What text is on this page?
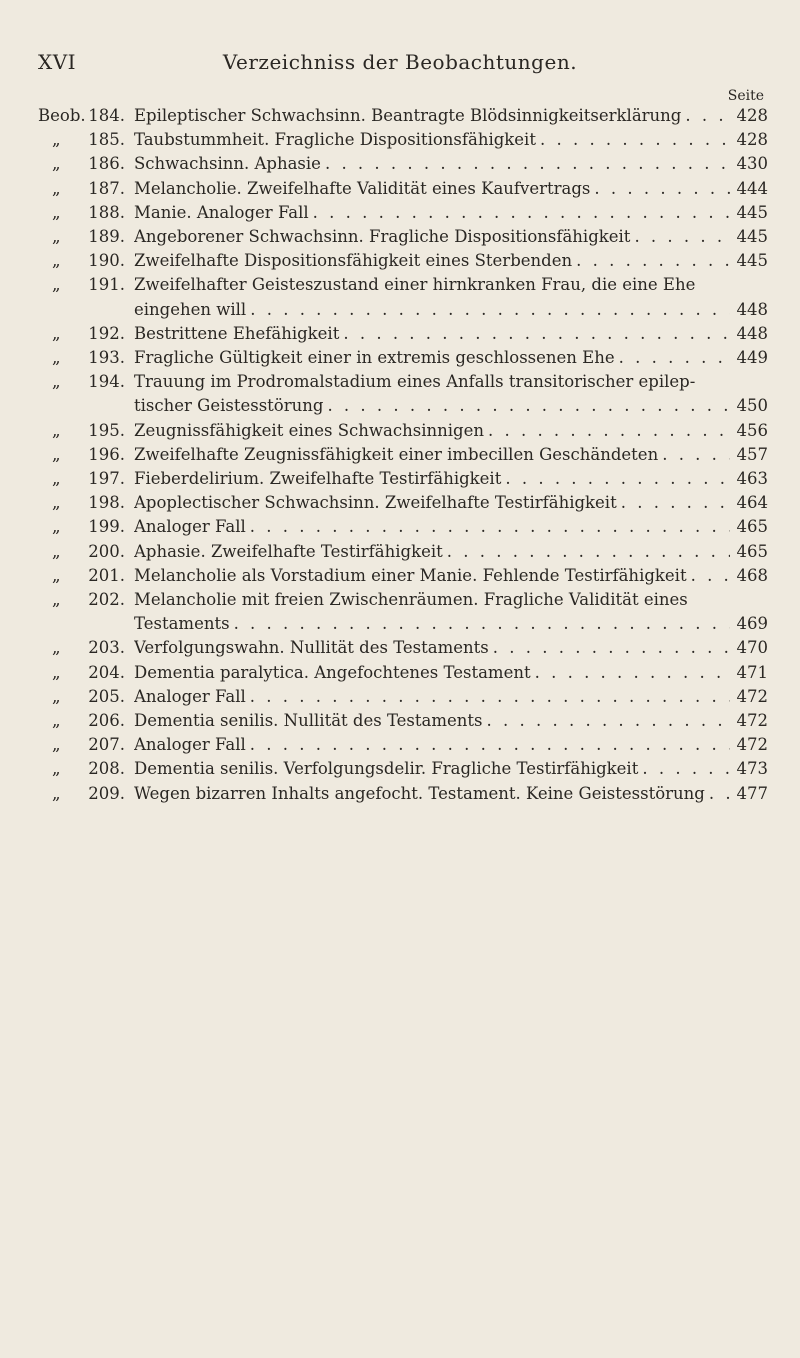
XVI	Verzeichniss der Beobachtungen.
Seite
Beob. 184. Epileptischer Schwachsinn. Beantragte Blödsinnigkeitserklärung . . .	428
„	185. Taubstummheit. Fragliche Dispositionsfähigkeit . . .	428
„	186. Schwachsinn. Aphasie . . .	430
„	187. Melancholie. Zweifelhafte Validität eines Kaufvertrags . . .	444
„	188. Manie. Analoger Fall . . .	445
„	189. Angeborener Schwachsinn. Fragliche Dispositionsfähigkeit . . .	445
„	190. Zweifelhafte Dispositionsfähigkeit eines Sterbenden . . .	445
„	191. Zweifelhafter Geisteszustand einer hirnkranken Frau, die eine Ehe
eingehen will . . .	448
„	192. Bestrittene Ehefähigkeit . . .	448
„	193. Fragliche Gültigkeit einer in extremis geschlossenen Ehe . . .	449
„	194. Trauung im Prodromalstadium eines Anfalls transitorischer epilep-
tischer Geistesstörung . . .	450
„	195. Zeugnissfähigkeit eines Schwachsinnigen . . .	456
„	196. Zweifelhafte Zeugnissfähigkeit einer imbecillen Geschändeten . . .	457
„	197. Fieberdelirium. Zweifelhafte Testirfähigkeit . . .	463
„	198. Apoplectischer Schwachsinn. Zweifelhafte Testirfähigkeit . . .	464
„	199. Analoger Fall . . .	465
„	200. Aphasie. Zweifelhafte Testirfähigkeit . . .	465
„	201. Melancholie als Vorstadium einer Manie. Fehlende Testirfähigkeit . . .	468
„	202. Melancholie mit freien Zwischenräumen. Fragliche Validität eines
Testaments . . .	469
„	203. Verfolgungswahn. Nullität des Testaments . . .	470
„	204. Dementia paralytica. Angefochtenes Testament . . .	471
„	205. Analoger Fall . . .	472
„	206. Dementia senilis. Nullität des Testaments . . .	472
„	207. Analoger Fall . . .	472
„	208. Dementia senilis. Verfolgungsdelir. Fragliche Testirfähigkeit . . .	473
„	209. Wegen bizarren Inhalts angefocht. Testament. Keine Geistesstörung . . .	477
